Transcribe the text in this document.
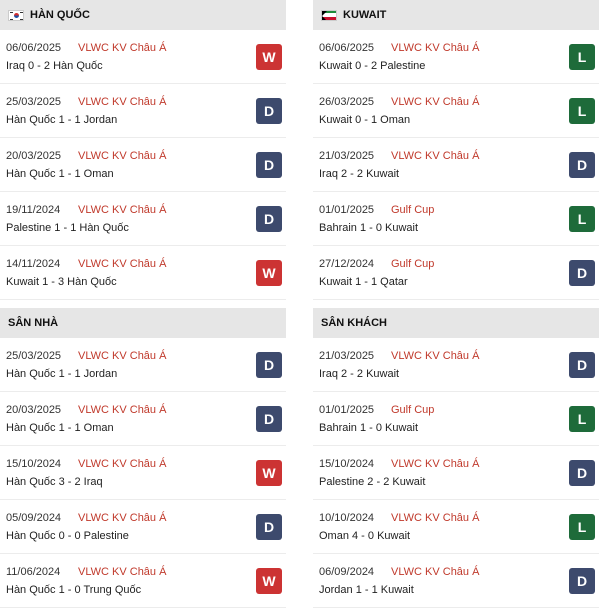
HÀN QUỐC
06/06/2025 VLWC KV Châu Á
Iraq 0 - 2 Hàn Quốc
W
25/03/2025 VLWC KV Châu Á
Hàn Quốc 1 - 1 Jordan
D
20/03/2025 VLWC KV Châu Á
Hàn Quốc 1 - 1 Oman
D
19/11/2024 VLWC KV Châu Á
Palestine 1 - 1 Hàn Quốc
D
14/11/2024 VLWC KV Châu Á
Kuwait 1 - 3 Hàn Quốc
W
KUWAIT
06/06/2025 VLWC KV Châu Á
Kuwait 0 - 2 Palestine
L
26/03/2025 VLWC KV Châu Á
Kuwait 0 - 1 Oman
L
21/03/2025 VLWC KV Châu Á
Iraq 2 - 2 Kuwait
D
01/01/2025 Gulf Cup
Bahrain 1 - 0 Kuwait
L
27/12/2024 Gulf Cup
Kuwait 1 - 1 Qatar
D
SÂN NHÀ
25/03/2025 VLWC KV Châu Á
Hàn Quốc 1 - 1 Jordan
D
20/03/2025 VLWC KV Châu Á
Hàn Quốc 1 - 1 Oman
D
15/10/2024 VLWC KV Châu Á
Hàn Quốc 3 - 2 Iraq
W
05/09/2024 VLWC KV Châu Á
Hàn Quốc 0 - 0 Palestine
D
11/06/2024 VLWC KV Châu Á
Hàn Quốc 1 - 0 Trung Quốc
W
SÂN KHÁCH
21/03/2025 VLWC KV Châu Á
Iraq 2 - 2 Kuwait
D
01/01/2025 Gulf Cup
Bahrain 1 - 0 Kuwait
L
15/10/2024 VLWC KV Châu Á
Palestine 2 - 2 Kuwait
D
10/10/2024 VLWC KV Châu Á
Oman 4 - 0 Kuwait
L
06/09/2024 VLWC KV Châu Á
Jordan 1 - 1 Kuwait
D
